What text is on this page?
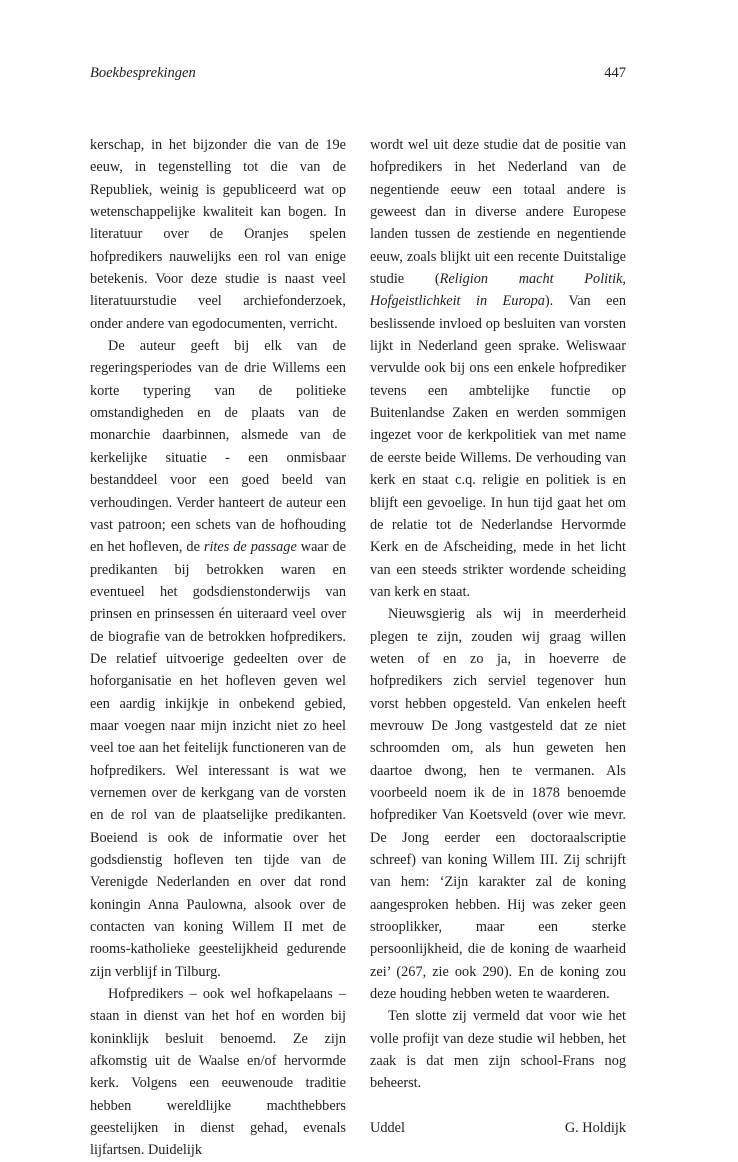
Boekbesprekingen	447

kerschap, in het bijzonder die van de 19e eeuw, in tegenstelling tot die van de Republiek, weinig is gepubliceerd wat op wetenschappelijke kwaliteit kan bogen. In literatuur over de Oranjes spelen hofpredikers nauwelijks een rol van enige betekenis. Voor deze studie is naast veel literatuurstudie veel archiefonderzoek, onder andere van egodocumenten, verricht.

De auteur geeft bij elk van de regeringsperiodes van de drie Willems een korte typering van de politieke omstandigheden en de plaats van de monarchie daarbinnen, alsmede van de kerkelijke situatie - een onmisbaar bestanddeel voor een goed beeld van verhoudingen. Verder hanteert de auteur een vast patroon; een schets van de hofhouding en het hofleven, de rites de passage waar de predikanten bij betrokken waren en eventueel het godsdienstonderwijs van prinsen en prinsessen én uiteraard veel over de biografie van de betrokken hofpredikers. De relatief uitvoerige gedeelten over de hoforganisatie en het hofleven geven wel een aardig inkijkje in onbekend gebied, maar voegen naar mijn inzicht niet zo heel veel toe aan het feitelijk functioneren van de hofpredikers. Wel interessant is wat we vernemen over de kerkgang van de vorsten en de rol van de plaatselijke predikanten. Boeiend is ook de informatie over het godsdienstig hofleven ten tijde van de Verenigde Nederlanden en over dat rond koningin Anna Paulowna, alsook over de contacten van koning Willem II met de rooms-katholieke geestelijkheid gedurende zijn verblijf in Tilburg.

Hofpredikers – ook wel hofkapelaans – staan in dienst van het hof en worden bij koninklijk besluit benoemd. Ze zijn afkomstig uit de Waalse en/of hervormde kerk. Volgens een eeuwenoude traditie hebben wereldlijke machthebbers geestelijken in dienst gehad, evenals lijfartsen. Duidelijk

wordt wel uit deze studie dat de positie van hofpredikers in het Nederland van de negentiende eeuw een totaal andere is geweest dan in diverse andere Europese landen tussen de zestiende en negentiende eeuw, zoals blijkt uit een recente Duitstalige studie (Religion macht Politik, Hofgeistlichkeit in Europa). Van een beslissende invloed op besluiten van vorsten lijkt in Nederland geen sprake. Weliswaar vervulde ook bij ons een enkele hofprediker tevens een ambtelijke functie op Buitenlandse Zaken en werden sommigen ingezet voor de kerkpolitiek van met name de eerste beide Willems. De verhouding van kerk en staat c.q. religie en politiek is en blijft een gevoelige. In hun tijd gaat het om de relatie tot de Nederlandse Hervormde Kerk en de Afscheiding, mede in het licht van een steeds strikter wordende scheiding van kerk en staat.

Nieuwsgierig als wij in meerderheid plegen te zijn, zouden wij graag willen weten of en zo ja, in hoeverre de hofpredikers zich serviel tegenover hun vorst hebben opgesteld. Van enkelen heeft mevrouw De Jong vastgesteld dat ze niet schroomden om, als hun geweten hen daartoe dwong, hen te vermanen. Als voorbeeld noem ik de in 1878 benoemde hofprediker Van Koetsveld (over wie mevr. De Jong eerder een doctoraalscriptie schreef) van koning Willem III. Zij schrijft van hem: ‘Zijn karakter zal de koning aangesproken hebben. Hij was zeker geen strooplikker, maar een sterke persoonlijkheid, die de koning de waarheid zei’ (267, zie ook 290). En de koning zou deze houding hebben weten te waarderen.

Ten slotte zij vermeld dat voor wie het volle profijt van deze studie wil hebben, het zaak is dat men zijn school-Frans nog beheerst.

Uddel	G. Holdijk
